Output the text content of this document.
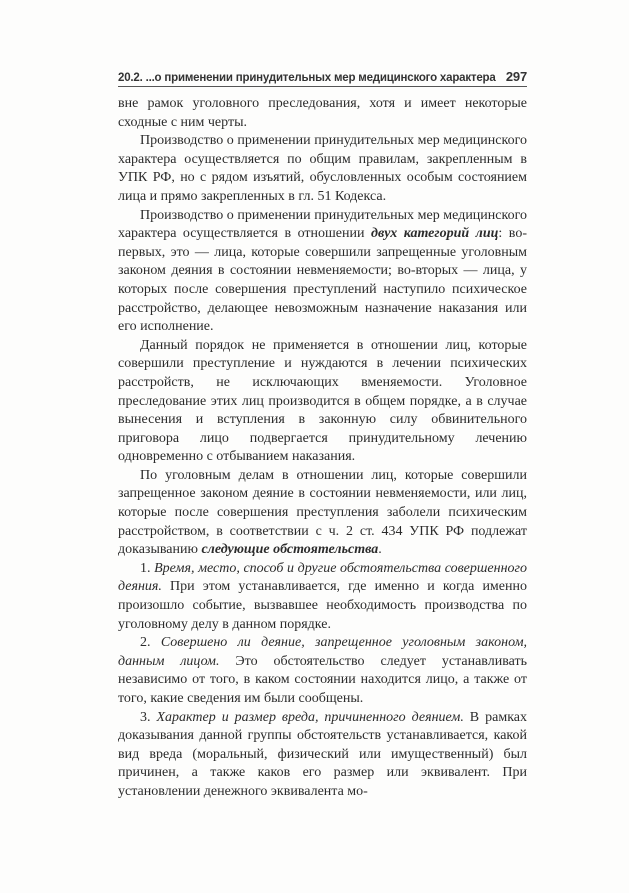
20.2. ...о применении принудительных мер медицинского характера 297

вне рамок уголовного преследования, хотя и имеет некоторые сходные с ним черты.

Производство о применении принудительных мер медицинского характера осуществляется по общим правилам, закрепленным в УПК РФ, но с рядом изъятий, обусловленных особым состоянием лица и прямо закрепленных в гл. 51 Кодекса.

Производство о применении принудительных мер медицинского характера осуществляется в отношении двух категорий лиц: во-первых, это — лица, которые совершили запрещенные уголовным законом деяния в состоянии невменяемости; во-вторых — лица, у которых после совершения преступлений наступило психическое расстройство, делающее невозможным назначение наказания или его исполнение.

Данный порядок не применяется в отношении лиц, которые совершили преступление и нуждаются в лечении психических расстройств, не исключающих вменяемости. Уголовное преследование этих лиц производится в общем порядке, а в случае вынесения и вступления в законную силу обвинительного приговора лицо подвергается принудительному лечению одновременно с отбыванием наказания.

По уголовным делам в отношении лиц, которые совершили запрещенное законом деяние в состоянии невменяемости, или лиц, которые после совершения преступления заболели психическим расстройством, в соответствии с ч. 2 ст. 434 УПК РФ подлежат доказыванию следующие обстоятельства.

1. Время, место, способ и другие обстоятельства совершенного деяния. При этом устанавливается, где именно и когда именно произошло событие, вызвавшее необходимость производства по уголовному делу в данном порядке.

2. Совершено ли деяние, запрещенное уголовным законом, данным лицом. Это обстоятельство следует устанавливать независимо от того, в каком состоянии находится лицо, а также от того, какие сведения им были сообщены.

3. Характер и размер вреда, причиненного деянием. В рамках доказывания данной группы обстоятельств устанавливается, какой вид вреда (моральный, физический или имущественный) был причинен, а также каков его размер или эквивалент. При установлении денежного эквивалента мо-
